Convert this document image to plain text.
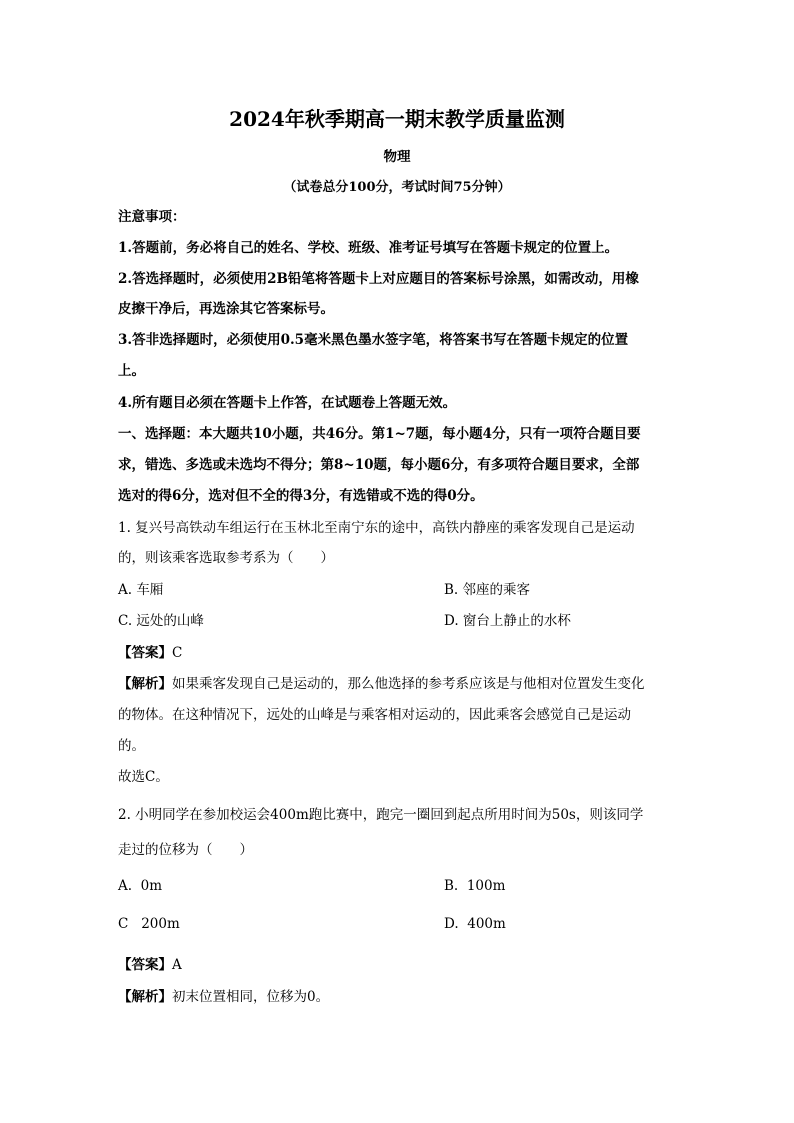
2024年秋季期高一期末教学质量监测
物理
（试卷总分100分，考试时间75分钟）
注意事项：
1.答题前，务必将自己的姓名、学校、班级、准考证号填写在答题卡规定的位置上。
2.答选择题时，必须使用2B铅笔将答题卡上对应题目的答案标号涂黑，如需改动，用橡
皮擦干净后，再选涂其它答案标号。
3.答非选择题时，必须使用0.5毫米黑色墨水签字笔，将答案书写在答题卡规定的位置
上。
4.所有题目必须在答题卡上作答，在试题卷上答题无效。
一、选择题：本大题共10小题，共46分。第1~7题，每小题4分，只有一项符合题目要
求，错选、多选或未选均不得分；第8~10题，每小题6分，有多项符合题目要求，全部
选对的得6分，选对但不全的得3分，有选错或不选的得0分。
1. 复兴号高铁动车组运行在玉林北至南宁东的途中，高铁内静座的乘客发现自己是运动
的，则该乘客选取参考系为（　　）
A. 车厢	B. 邻座的乘客
C. 远处的山峰	D. 窗台上静止的水杯
【答案】C
【解析】如果乘客发现自己是运动的，那么他选择的参考系应该是与他相对位置发生变化
的物体。在这种情况下，远处的山峰是与乘客相对运动的，因此乘客会感觉自己是运动
的。
故选C。
2. 小明同学在参加校运会400m跑比赛中，跑完一圈回到起点所用时间为50s，则该同学
走过的位移为（　　）
A. 0m	B. 100m
C 200m	D. 400m
【答案】A
【解析】初末位置相同，位移为0。
